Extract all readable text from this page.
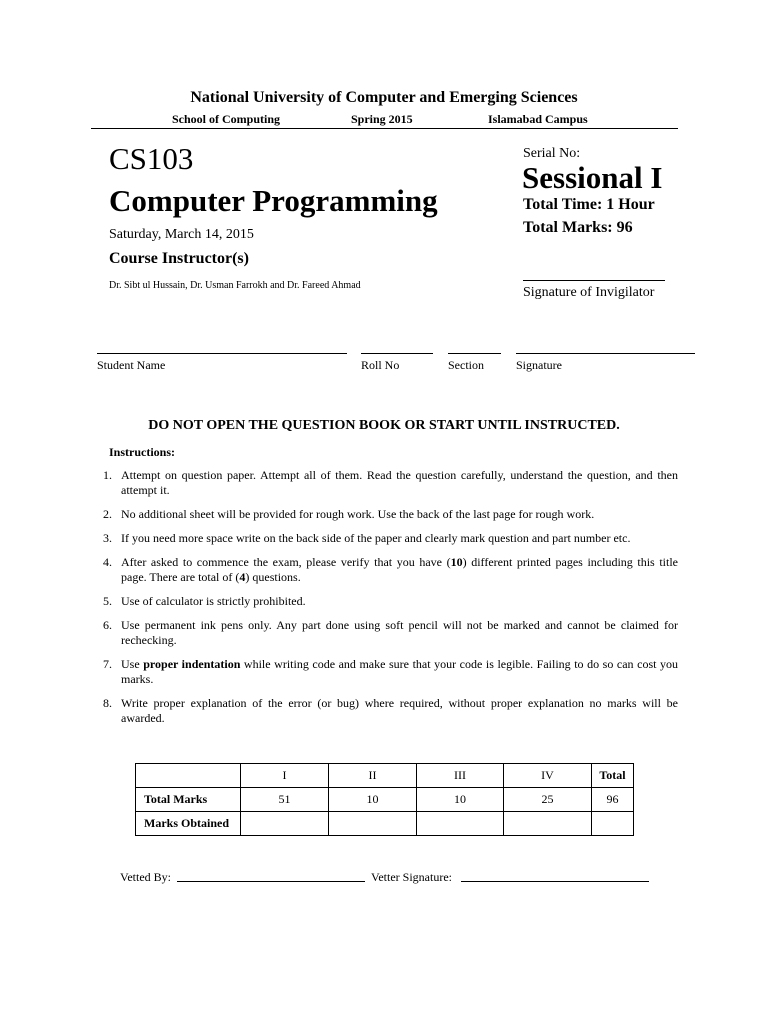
National University of Computer and Emerging Sciences
School of Computing	Spring 2015	Islamabad Campus
CS103
Computer Programming
Saturday, March 14, 2015
Course Instructor(s)
Dr. Sibt ul Hussain, Dr. Usman Farrokh and Dr. Fareed Ahmad
Serial No:
Sessional I
Total Time: 1 Hour
Total Marks: 96
Signature of Invigilator
Student Name	Roll No	Section	Signature
DO NOT OPEN THE QUESTION BOOK OR START UNTIL INSTRUCTED.
Instructions:
1. Attempt on question paper. Attempt all of them. Read the question carefully, understand the question, and then attempt it.
2. No additional sheet will be provided for rough work. Use the back of the last page for rough work.
3. If you need more space write on the back side of the paper and clearly mark question and part number etc.
4. After asked to commence the exam, please verify that you have (10) different printed pages including this title page. There are total of (4) questions.
5. Use of calculator is strictly prohibited.
6. Use permanent ink pens only. Any part done using soft pencil will not be marked and cannot be claimed for rechecking.
7. Use proper indentation while writing code and make sure that your code is legible. Failing to do so can cost you marks.
8. Write proper explanation of the error (or bug) where required, without proper explanation no marks will be awarded.
	I	II	III	IV	Total
Total Marks	51	10	10	25	96
Marks Obtained					
Vetted By:	Vetter Signature:
